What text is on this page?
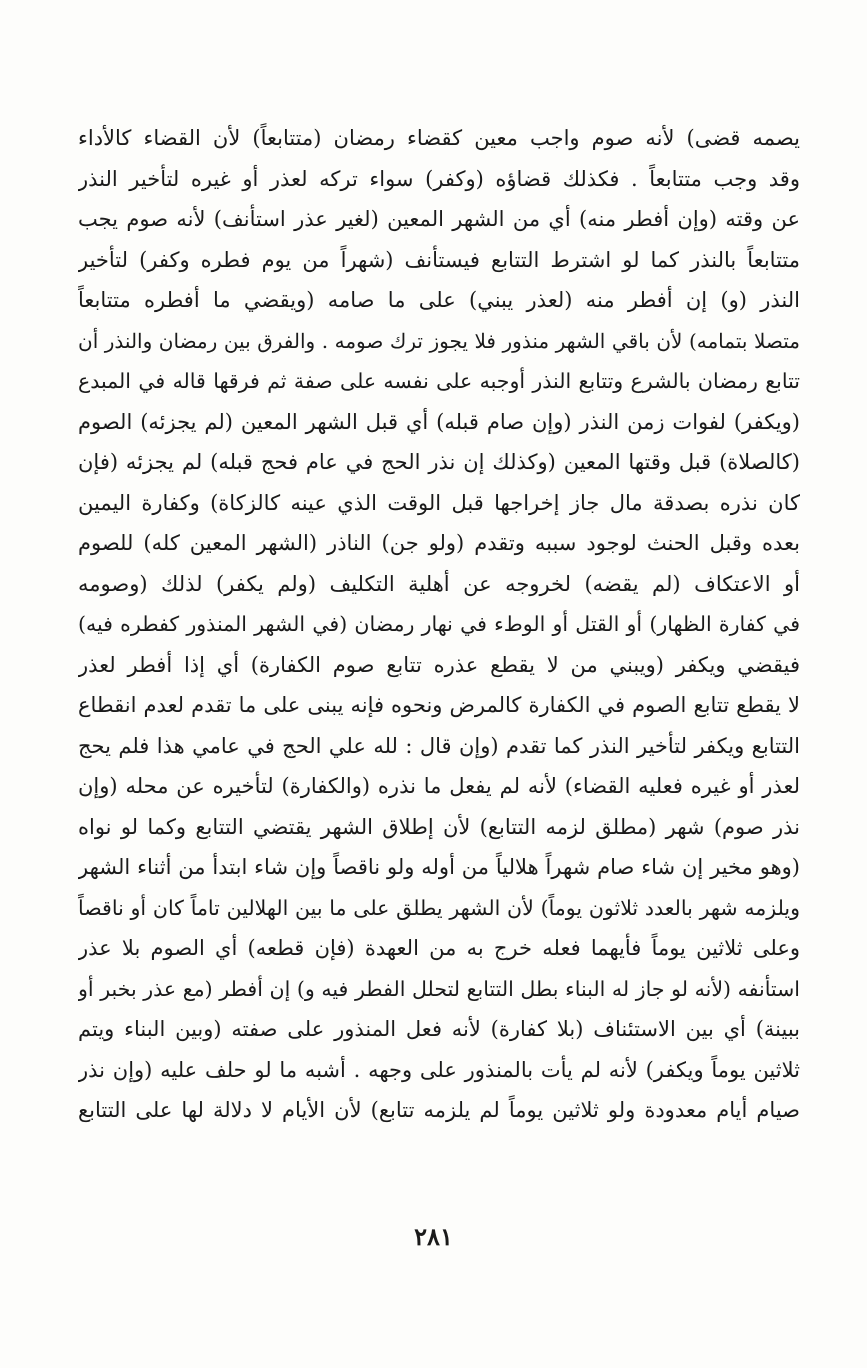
يصمه قضى) لأنه صوم واجب معين كقضاء رمضان (متتابعاً) لأن القضاء كالأداء
وقد وجب متتابعاً . فكذلك قضاؤه (وكفر) سواء تركه لعذر أو غيره لتأخير النذر
عن وقته (وإن أفطر منه) أي من الشهر المعين (لغير عذر استأنف) لأنه صوم يجب
متتابعاً بالنذر كما لو اشترط التتابع فيستأنف (شهراً من يوم فطره وكفر) لتأخير
النذر (و) إن أفطر منه (لعذر يبني) على ما صامه (ويقضي ما أفطره متتابعاً
متصلا بتمامه) لأن باقي الشهر منذور فلا يجوز ترك صومه . والفرق بين رمضان والنذر أن
تتابع رمضان بالشرع وتتابع النذر أوجبه على نفسه على صفة ثم فرقها قاله في المبدع
(ويكفر) لفوات زمن النذر (وإن صام قبله) أي قبل الشهر المعين (لم يجزئه) الصوم
(كالصلاة) قبل وقتها المعين (وكذلك إن نذر الحج في عام فحج قبله) لم يجزئه (فإن
كان نذره بصدقة مال جاز إخراجها قبل الوقت الذي عينه كالزكاة) وكفارة اليمين
بعده وقبل الحنث لوجود سببه وتقدم (ولو جن) الناذر (الشهر المعين كله) للصوم
أو الاعتكاف (لم يقضه) لخروجه عن أهلية التكليف (ولم يكفر) لذلك (وصومه
في كفارة الظهار) أو القتل أو الوطء في نهار رمضان (في الشهر المنذور كفطره فيه)
فيقضي ويكفر (ويبني من لا يقطع عذره تتابع صوم الكفارة) أي إذا أفطر لعذر
لا يقطع تتابع الصوم في الكفارة كالمرض ونحوه فإنه يبنى على ما تقدم لعدم انقطاع
التتابع ويكفر لتأخير النذر كما تقدم (وإن قال : لله علي الحج في عامي هذا فلم يحج
لعذر أو غيره فعليه القضاء) لأنه لم يفعل ما نذره (والكفارة) لتأخيره عن محله (وإن
نذر صوم) شهر (مطلق لزمه التتابع) لأن إطلاق الشهر يقتضي التتابع وكما لو نواه
(وهو مخير إن شاء صام شهراً هلالياً من أوله ولو ناقصاً وإن شاء ابتدأ من أثناء الشهر
ويلزمه شهر بالعدد ثلاثون يوماً) لأن الشهر يطلق على ما بين الهلالين تاماً كان أو ناقصاً
وعلى ثلاثين يوماً فأيهما فعله خرج به من العهدة (فإن قطعه) أي الصوم بلا عذر
استأنفه (لأنه لو جاز له البناء بطل التتابع لتحلل الفطر فيه و) إن أفطر (مع عذر بخبر أو
ببينة) أي بين الاستئناف (بلا كفارة) لأنه فعل المنذور على صفته (وبين البناء ويتم
ثلاثين يوماً ويكفر) لأنه لم يأت بالمنذور على وجهه . أشبه ما لو حلف عليه (وإن نذر
صيام أيام معدودة ولو ثلاثين يوماً لم يلزمه تتابع) لأن الأيام لا دلالة لها على التتابع
٢٨١
